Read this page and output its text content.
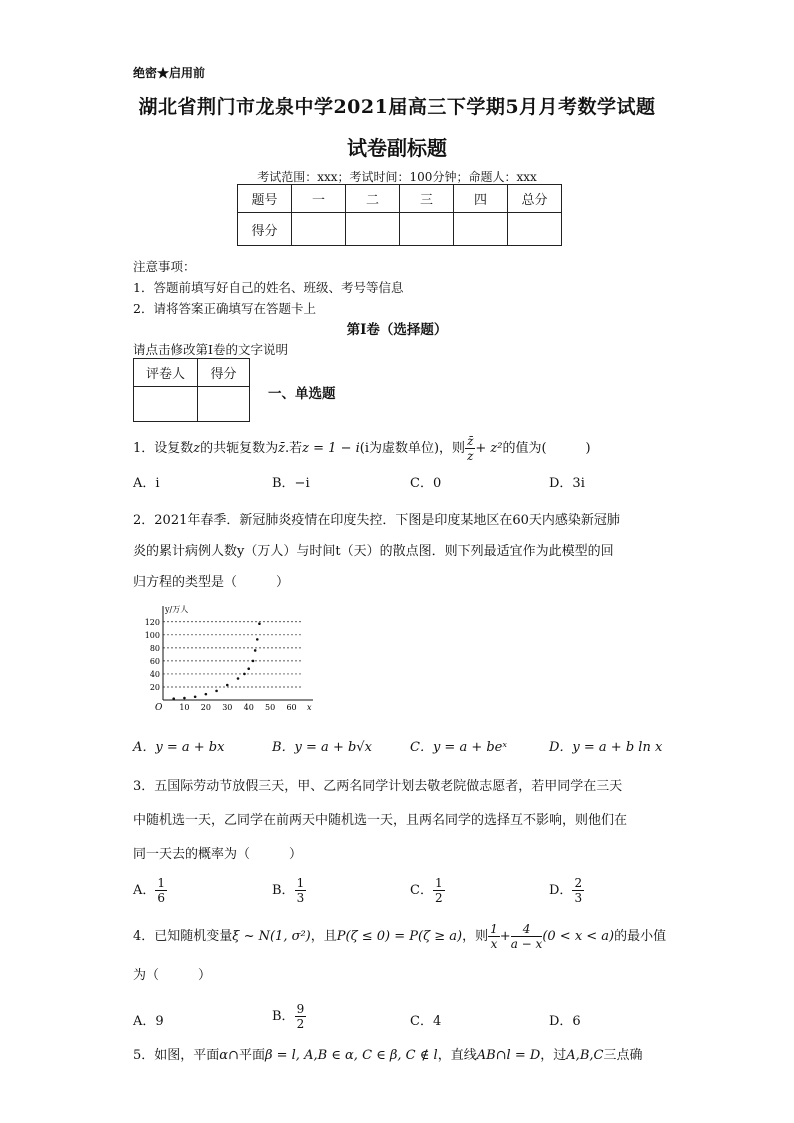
绝密★启用前
湖北省荆门市龙泉中学2021届高三下学期5月月考数学试题
试卷副标题
考试范围：xxx；考试时间：100分钟；命题人：xxx
题号	一	二	三	四	总分
得分					
注意事项：
1．答题前填写好自己的姓名、班级、考号等信息
2．请将答案正确填写在答题卡上
第I卷（选择题）
请点击修改第I卷的文字说明
评卷人	得分

一、单选题
1．设复数z的共轭复数为z̄.若z = 1 − i(i为虚数单位)，则 $\frac{z̄}{z} + z^2$的值为(　　　)
A．i	B．−i	C．0	D．3i
2．2021年春季．新冠肺炎疫情在印度失控．下图是印度某地区在60天内感染新冠肺
炎的累计病例人数y（万人）与时间t（天）的散点图．则下列最适宜作为此模型的回
归方程的类型是（　　　）
20
40
60
80
100
120
10 20 30 40 50 60
O	x
y/万人
A．y = a + bx	B．y = a + b√x	C．y = a + beˣ	D．y = a + b ln x
3．五国际劳动节放假三天，甲、乙两名同学计划去敬老院做志愿者，若甲同学在三天
中随机选一天，乙同学在前两天中随机选一天，且两名同学的选择互不影响，则他们在
同一天去的概率为（　　　）
A． $\frac{1}{6}$	B． $\frac{1}{3}$	C． $\frac{1}{2}$	D． $\frac{2}{3}$
4．已知随机变量ξ ~ N(1, σ²)，且P(ζ ≤ 0) = P(ζ ≥ a)，则 $\frac{1}{x} + \frac{4}{a - x} (0 < x < a)$的最小值
为（　　　）
A．9	B． $\frac{9}{2}$	C．4	D．6
5．如图，平面α∩平面β = l, A,B ∈ α, C ∈ β, C ∉ l，直线AB∩l = D，过A,B,C三点确
